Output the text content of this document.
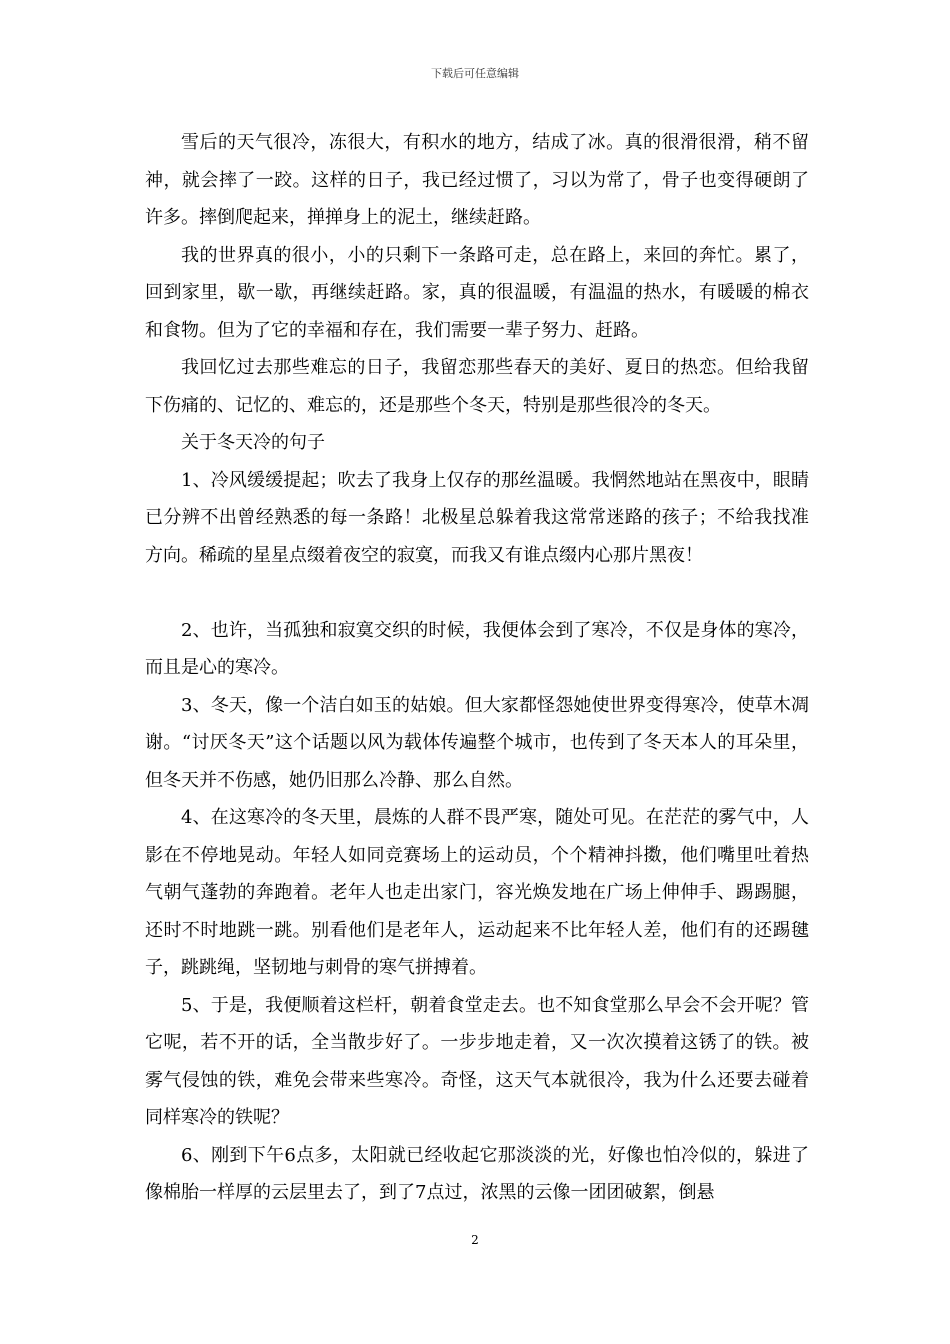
下载后可任意编辑

雪后的天气很冷，冻很大，有积水的地方，结成了冰。真的很滑很滑，稍不留神，就会摔了一跤。这样的日子，我已经过惯了，习以为常了，骨子也变得硬朗了许多。摔倒爬起来，掸掸身上的泥土，继续赶路。

我的世界真的很小，小的只剩下一条路可走，总在路上，来回的奔忙。累了，回到家里，歇一歇，再继续赶路。家，真的很温暖，有温温的热水，有暖暖的棉衣和食物。但为了它的幸福和存在，我们需要一辈子努力、赶路。

我回忆过去那些难忘的日子，我留恋那些春天的美好、夏日的热恋。但给我留下伤痛的、记忆的、难忘的，还是那些个冬天，特别是那些很冷的冬天。

关于冬天冷的句子

1、冷风缓缓提起；吹去了我身上仅存的那丝温暖。我惘然地站在黑夜中，眼睛已分辨不出曾经熟悉的每一条路！北极星总躲着我这常常迷路的孩子；不给我找准方向。稀疏的星星点缀着夜空的寂寞，而我又有谁点缀内心那片黑夜！

2、也许，当孤独和寂寞交织的时候，我便体会到了寒冷，不仅是身体的寒冷，而且是心的寒冷。

3、冬天，像一个洁白如玉的姑娘。但大家都怪怨她使世界变得寒冷，使草木凋谢。“讨厌冬天”这个话题以风为载体传遍整个城市，也传到了冬天本人的耳朵里，但冬天并不伤感，她仍旧那么冷静、那么自然。

4、在这寒冷的冬天里，晨炼的人群不畏严寒，随处可见。在茫茫的雾气中，人影在不停地晃动。年轻人如同竞赛场上的运动员，个个精神抖擞，他们嘴里吐着热气朝气蓬勃的奔跑着。老年人也走出家门，容光焕发地在广场上伸伸手、踢踢腿，还时不时地跳一跳。别看他们是老年人，运动起来不比年轻人差，他们有的还踢毽子，跳跳绳，坚韧地与刺骨的寒气拼搏着。

5、于是，我便顺着这栏杆，朝着食堂走去。也不知食堂那么早会不会开呢？管它呢，若不开的话，全当散步好了。一步步地走着，又一次次摸着这锈了的铁。被雾气侵蚀的铁，难免会带来些寒冷。奇怪，这天气本就很冷，我为什么还要去碰着同样寒冷的铁呢？

6、刚到下午6点多，太阳就已经收起它那淡淡的光，好像也怕冷似的，躲进了像棉胎一样厚的云层里去了，到了7点过，浓黑的云像一团团破絮，倒悬

2
